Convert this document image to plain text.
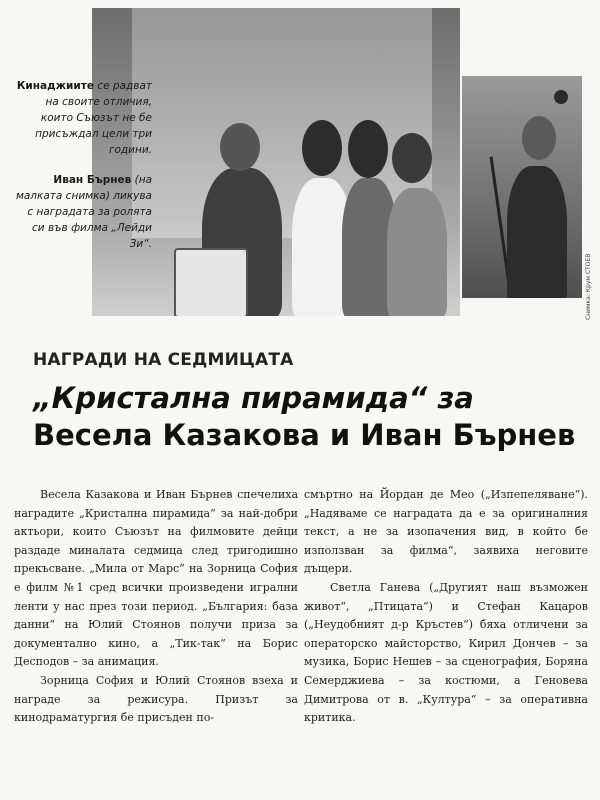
Снимка: Крум СТОЕВ

Кинаджиите се радват на своите отличия, които Съюзът не бе присъждал цели три години.

Иван Бърнев (на малката снимка) ликува с наградата за ролята си във филма „Лейди Зи“.

НАГРАДИ НА СЕДМИЦАТА
„Кристална пирамида“ за
Весела Казакова и Иван Бърнев

Весела Казакова и Иван Бърнев спечелиха наградите „Кристална пирамида“ за най-добри актьори, които Съюзът на филмовите дейци раздаде миналата седмица след тригодишно прекъсване. „Мила от Марс“ на Зорница София е филм №1 сред всички произведени игрални ленти у нас през този период. „България: база данни“ на Юлий Стоянов получи приза за документално кино, а „Тик-так“ на Борис Десподов – за анимация.

Зорница София и Юлий Стоянов взеха и награде за режисура. Призът за кинодраматургия бе присъден по-

смъртно на Йордан де Мео („Изпепеляване“). „Надяваме се наградата да е за оригиналния текст, а не за изопачения вид, в който бе използван за филма“, заявиха неговите дъщери.

Светла Ганева („Другият наш възможен живот“, „Птицата“) и Стефан Кацаров („Неудобният д-р Кръстев“) бяха отличени за операторско майсторство, Кирил Дончев – за музика, Борис Нешев – за сценография, Боряна Семерджиева – за костюми, а Геновева Димитрова от в. „Култура“ – за оперативна критика.
